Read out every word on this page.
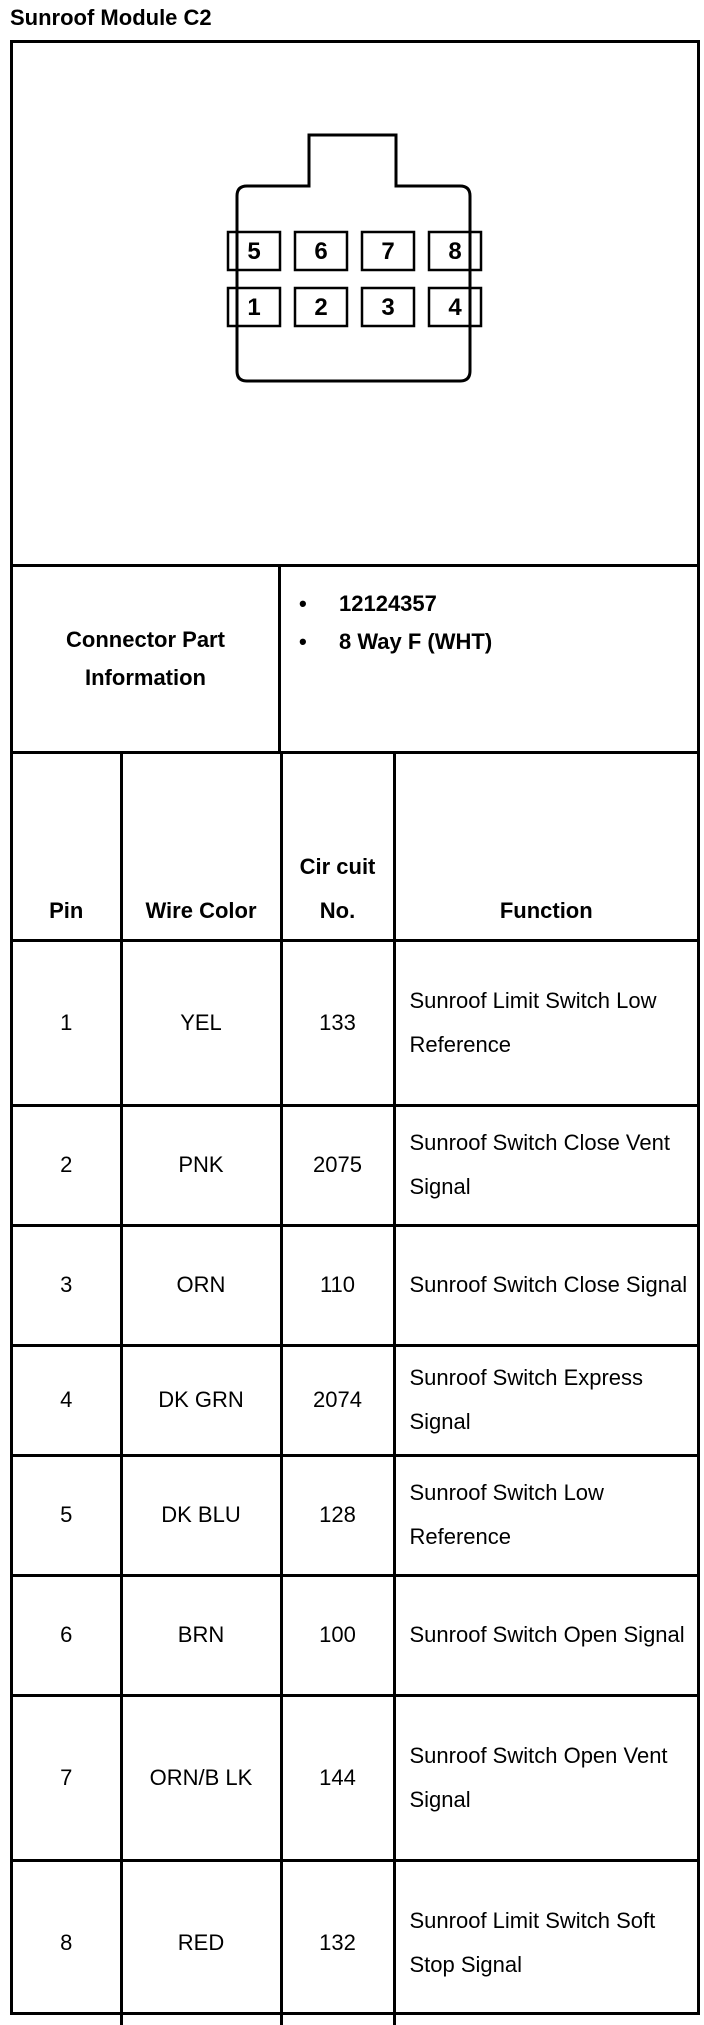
Sunroof Module C2
5 6 7 8
1 2 3 4
Connector Part Information
• 12124357
• 8 Way F (WHT)
Pin	Wire Color	Cir cuit No.	Function
1	YEL	133	Sunroof Limit Switch Low Reference
2	PNK	2075	Sunroof Switch Close Vent Signal
3	ORN	110	Sunroof Switch Close Signal
4	DK GRN	2074	Sunroof Switch Express Signal
5	DK BLU	128	Sunroof Switch Low Reference
6	BRN	100	Sunroof Switch Open Signal
7	ORN/B LK	144	Sunroof Switch Open Vent Signal
8	RED	132	Sunroof Limit Switch Soft Stop Signal
